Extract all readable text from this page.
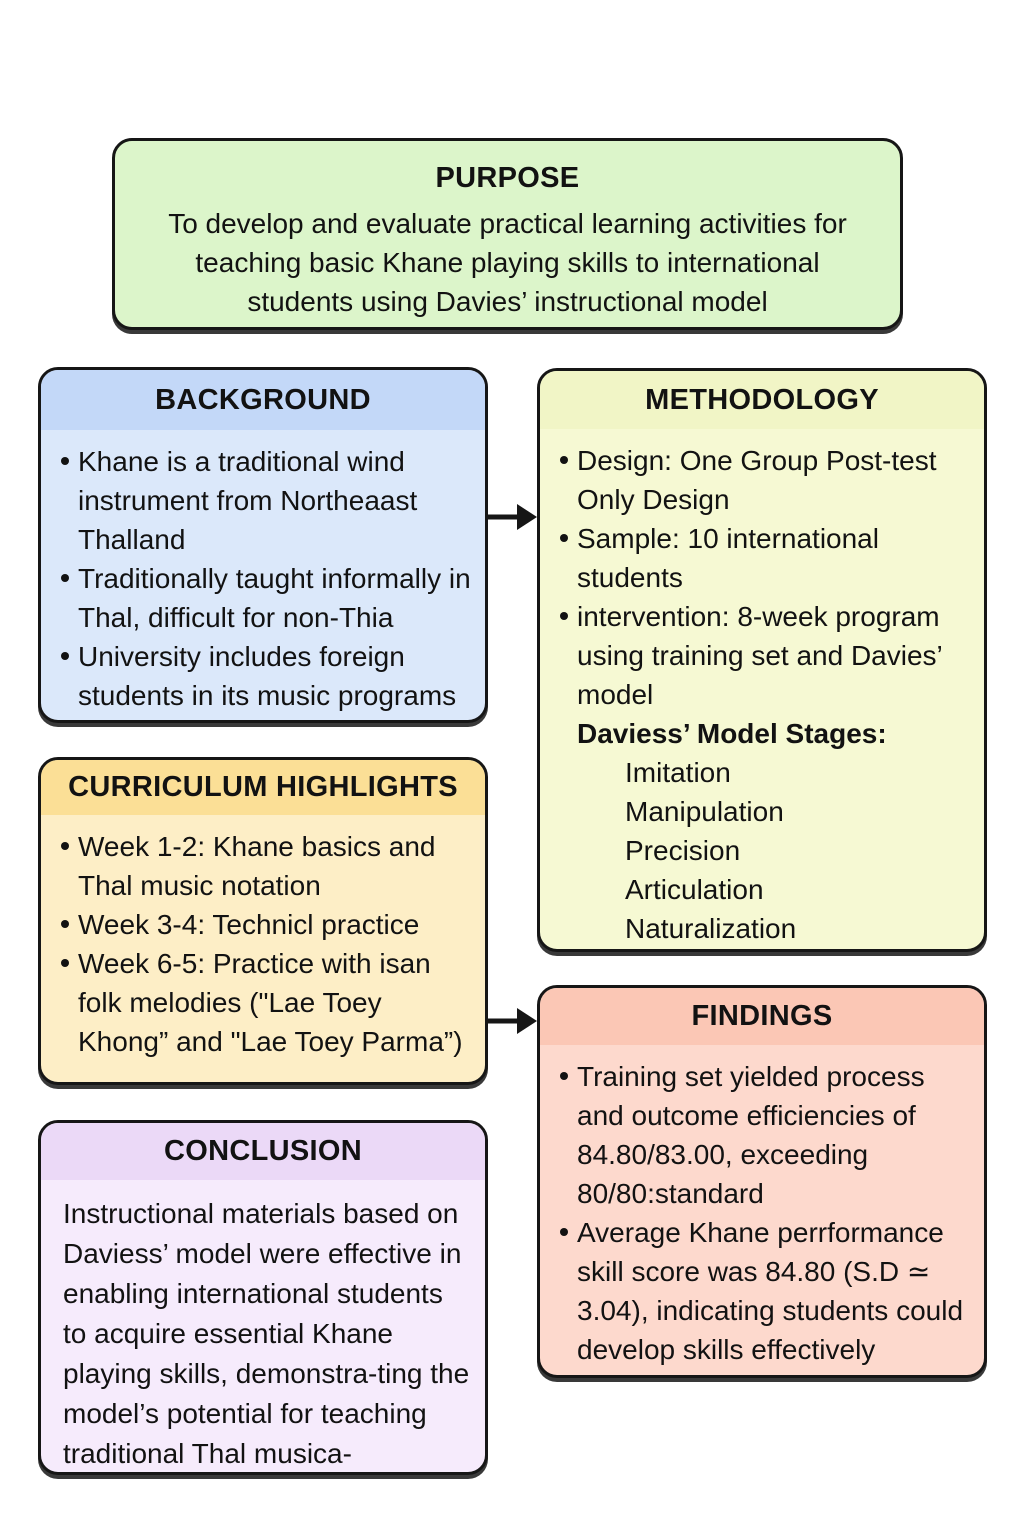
PURPOSE

To develop and evaluate practical learning activities for teaching basic Khane playing skills to international students using Davies’ instructional model

BACKGROUND
Khane is a traditional wind instrument from Northeaast Thalland
Traditionally taught informally in Thal, difficult for non-Thia
University includes foreign students in its music programs
METHODOLOGY
Design: One Group Post-test Only Design
Sample: 10 international students
intervention: 8-week program using training set and Davies’ model
Daviess’ Model Stages:
Imitation
Manipulation
Precision
Articulation
Naturalization
CURRICULUM HIGHLIGHTS
Week 1-2: Khane basics and Thal music notation
Week 3-4: Technicl practice
Week 6-5: Practice with isan folk melodies ("Lae Toey Khong” and "Lae Toey Parma”)
FINDINGS
Training set yielded process and outcome efficiencies of 84.80/83.00, exceeding 80/80:standard
Average Khane perrformance skill score was 84.80 (S.D ≃ 3.04), indicating students could develop skills effectively
CONCLUSION

Instructional materials based on Daviess’ model were effective in enabling international students to acquire essential Khane playing skills, demonstra-ting the model’s potential for teaching traditional Thal musica-
